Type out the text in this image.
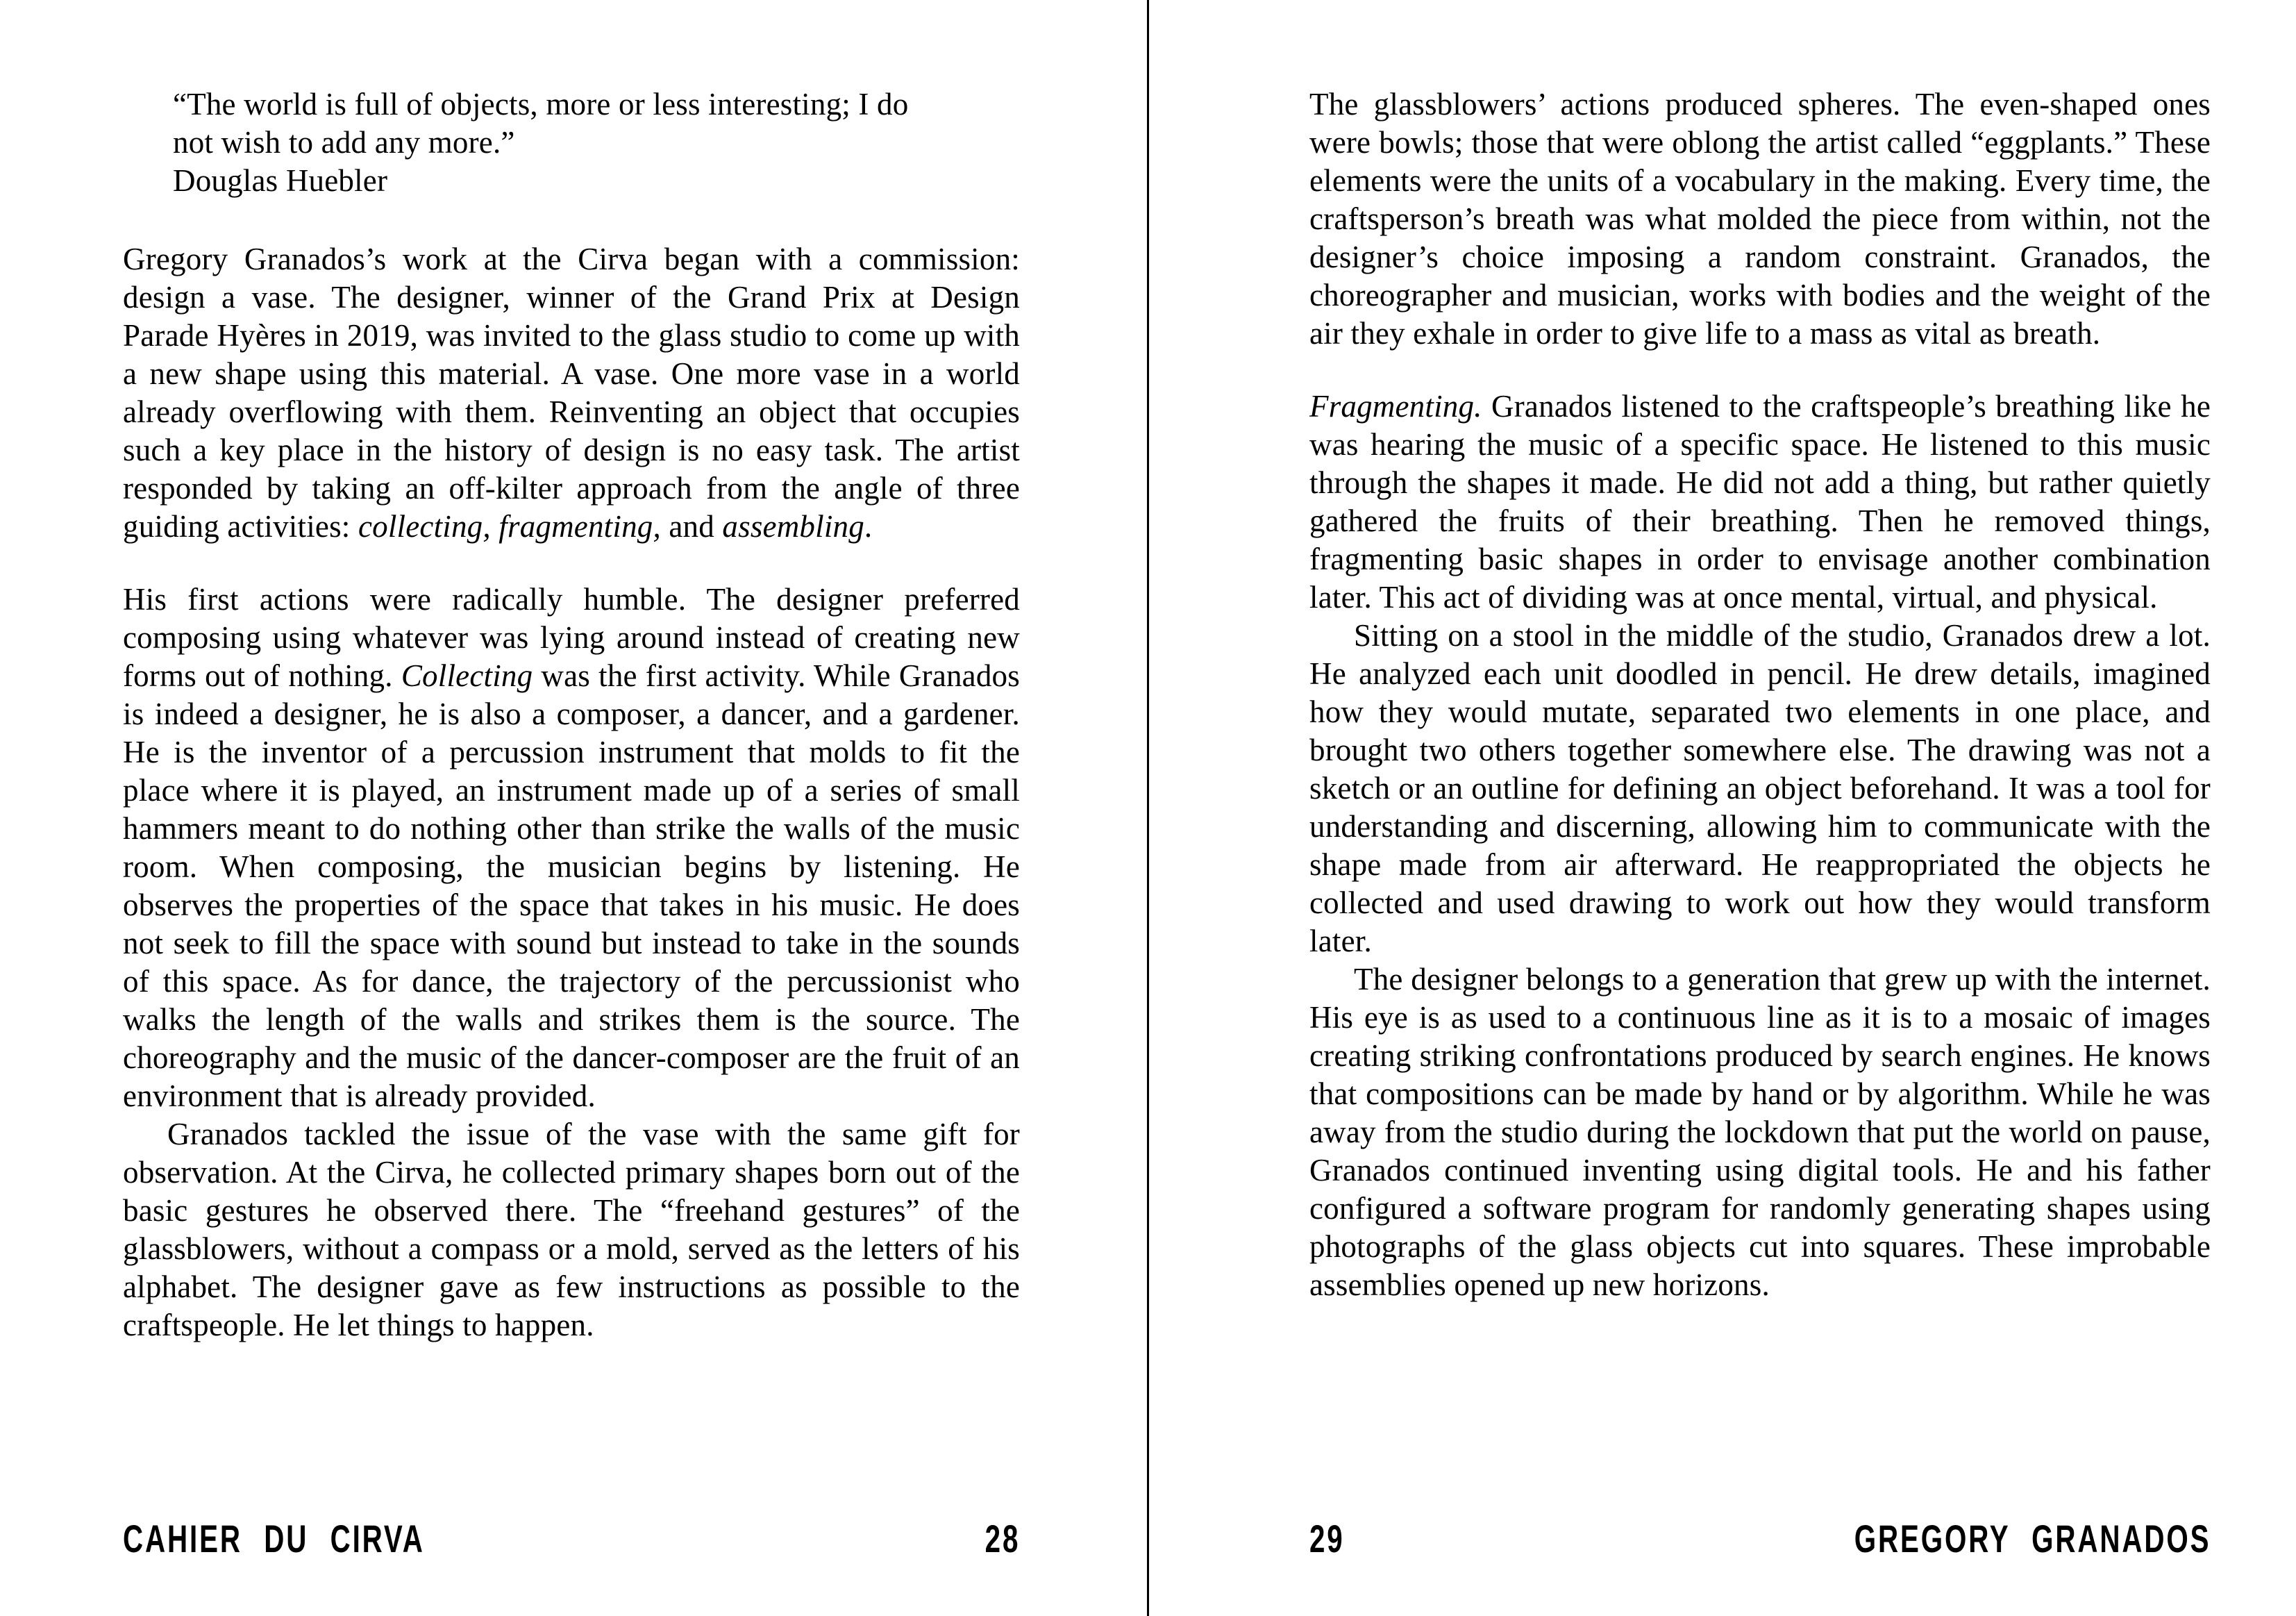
“The world is full of objects, more or less interesting; I do
not wish to add any more.”
Douglas Huebler

Gregory Granados’s work at the Cirva began with a commission: design a vase. The designer, winner of the Grand Prix at Design Parade Hyères in 2019, was invited to the glass studio to come up with a new shape using this material. A vase. One more vase in a world already overflowing with them. Reinventing an object that occupies such a key place in the history of design is no easy task. The artist responded by taking an off-kilter approach from the angle of three guiding activities: collecting, fragmenting, and assembling.

His first actions were radically humble. The designer preferred composing using whatever was lying around instead of creating new forms out of nothing. Collecting was the first activity. While Granados is indeed a designer, he is also a composer, a dancer, and a gardener. He is the inventor of a percussion instrument that molds to fit the place where it is played, an instrument made up of a series of small hammers meant to do nothing other than strike the walls of the music room. When composing, the musician begins by listening. He observes the properties of the space that takes in his music. He does not seek to fill the space with sound but instead to take in the sounds of this space. As for dance, the trajectory of the percussionist who walks the length of the walls and strikes them is the source. The choreography and the music of the dancer-composer are the fruit of an environment that is already provided.

Granados tackled the issue of the vase with the same gift for observation. At the Cirva, he collected primary shapes born out of the basic gestures he observed there. The “freehand gestures” of the glassblowers, without a compass or a mold, served as the letters of his alphabet. The designer gave as few instructions as possible to the craftspeople. He let things to happen.

The glassblowers’ actions produced spheres. The even-shaped ones were bowls; those that were oblong the artist called “eggplants.” These elements were the units of a vocabulary in the making. Every time, the craftsperson’s breath was what molded the piece from within, not the designer’s choice imposing a random constraint. Granados, the choreographer and musician, works with bodies and the weight of the air they exhale in order to give life to a mass as vital as breath.

Fragmenting. Granados listened to the craftspeople’s breathing like he was hearing the music of a specific space. He listened to this music through the shapes it made. He did not add a thing, but rather quietly gathered the fruits of their breathing. Then he removed things, fragmenting basic shapes in order to envisage another combination later. This act of dividing was at once mental, virtual, and physical.

Sitting on a stool in the middle of the studio, Granados drew a lot. He analyzed each unit doodled in pencil. He drew details, imagined how they would mutate, separated two elements in one place, and brought two others together somewhere else. The drawing was not a sketch or an outline for defining an object beforehand. It was a tool for understanding and discerning, allowing him to communicate with the shape made from air afterward. He reappropriated the objects he collected and used drawing to work out how they would transform later.

The designer belongs to a generation that grew up with the internet. His eye is as used to a continuous line as it is to a mosaic of images creating striking confrontations produced by search engines. He knows that compositions can be made by hand or by algorithm. While he was away from the studio during the lockdown that put the world on pause, Granados continued inventing using digital tools. He and his father configured a software program for randomly generating shapes using photographs of the glass objects cut into squares. These improbable assemblies opened up new horizons.

CAHIER DU CIRVA	28	29	GREGORY GRANADOS
